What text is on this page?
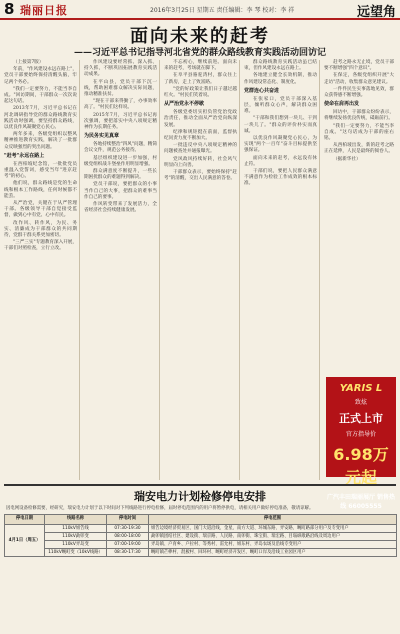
8 瑞丽日报	2016年3月25日 星期五 责任编辑：李 琴 校对：李 祥	远望角
面向未来的赶考
——习近平总书记指导河北省党的群众路线教育实践活动回访记

（上接第7版）

年前，"作风建设永远在路上"，党员干部要始终保持清醒头脑，牢记两个务必。

"我们一定要努力，不能当李自成。"回访期间，干部群众一次次说起这句话。

2013年7月，习近平总书记在河北调研指导党的群众路线教育实践活动时强调，要坚持群众路线，以优良作风凝聚党心民心。

两年多来，各级党组织以整风精神推进教育实践，解决了一批群众反映强烈的突出问题。

"赶考"永远在路上

在西柏坡纪念馆，一批批党员重温入党誓词，感受当年"进京赶考"的初心。

他们说，群众路线是党的生命线和根本工作路线，任何时候都不能丢。

从严治党，关键在于从严管理干部。各级领导干部自觉接受监督，做到心中有党、心中有民。

改作风、转作风，为民、务实、清廉成为干部群众的共同期待，党群干群关系更加密切。

"三严三实"专题教育深入开展，干部们对照检查，立行立改。

作风建设要经常抓、深入抓、持久抓，不断巩固拓展教育实践活动成果。

在平山县，党员干部下沉一线，帮助困难群众解决实际问题，推动精准扶贫。

"现在干部来得勤了，办事效率高了。"村民们这样说。

2015年7月，习近平总书记再次强调，要把落实中央八项规定精神作为长期任务。

为民务实见真章

各地持续整治"四风"问题，精简会议文件，规范公务接待。

基层组织建设进一步加强，村级党组织战斗堡垒作用明显增强。

群众满意度不断提升，一些长期困扰群众的难题得到解决。

党员干部说，要把群众的小事当作自己的大事，把群众的难事当作自己的要事。

作风转变带来了发展活力，全省经济社会持续健康发展。

不忘初心，继续前进。面向未来的赶考，考场就在脚下。

在阜平县骆驼湾村，群众住上了新房，走上了致富路。

"党的好政策让我们日子越过越红火。"村民们笑着说。

从严治党永不停歇

各级党委切实担负管党治党政治责任，推动全面从严治党向纵深发展。

纪律和规矩挺在前面，监督执纪问责力度不断加大。

一批违反中央八项规定精神的问题被查处并通报曝光。

党风政风持续好转，社会风气明显向上向善。

干部群众表示，要始终保持"赶考"的清醒，交出人民满意的答卷。

群众路线教育实践活动虽已结束，但作风建设永远在路上。

各地建立健全长效机制，推动作风建设常态化、制度化。

党群连心共奋进

在张家口，党员干部深入基层，倾听群众心声，解决群众困难。

"干部和我们想到一块儿、干到一块儿了。"群众的评价朴实而真诚。

以优良作风凝聚党心民心，为实现"两个一百年"奋斗目标提供坚强保证。

面向未来的赶考，永远没有休止符。

干部们说，要把人民群众满意不满意作为检验工作成效的根本标准。

赶考之路永无止境，党员干部要不断增强"四个意识"。

在保定，各级党组织开展"大走访"活动，收集群众意见建议。

一件件民生实事落地见效，群众获得感不断增强。

使命在肩再出发

回访中，干部群众纷纷表示，将继续发扬优良传统，砥砺前行。

"我们一定要努力，不能当李自成。"这句话成为干部的座右铭。

从西柏坡出发，新的赶考之路正在延伸，人民是最终的阅卷人。

（据新华社）

YARIS L
致炫
正式上市
官方指导价
6.98万元起
广汽丰田瑞丽展厅 销售热线 66005555
瑞安电力计划检修停电安排
因电网设备检修需要，经研究，瑞安电力计划于以下时间对下列线路进行停电检修，届时停电范围内的用户将暂停供电，请相关用户做好停电准备，敬请谅解。
停电日期	线路名称	停电时间	停电范围
4月1日（周五）	110kV姐告线	07:30-19:30	姐告边境经济贸易区、国门大道沿线、金星、南方大道、环城东路、弄安路、畹町路部分用户及专变用户
	110kV勐卯变	08:00-18:00	勐卯镇团结社区、建设街、瑞京路、人民路、南卯街、珠宝街、瑞宏路、目瑙纵歌路沿线及周边用户
	110kV弄岛变	07:00-19:00	弄岛镇、户育乡、户拉村、等秀村、雷允村、姐东村、弄岛农场及沿线专变用户
	110kV畹町变（10kV线路）	08:30-17:30	畹町镇芒棒村、混板村、回环村、畹町经济开发区、畹町口岸及沿线工业园区用户
